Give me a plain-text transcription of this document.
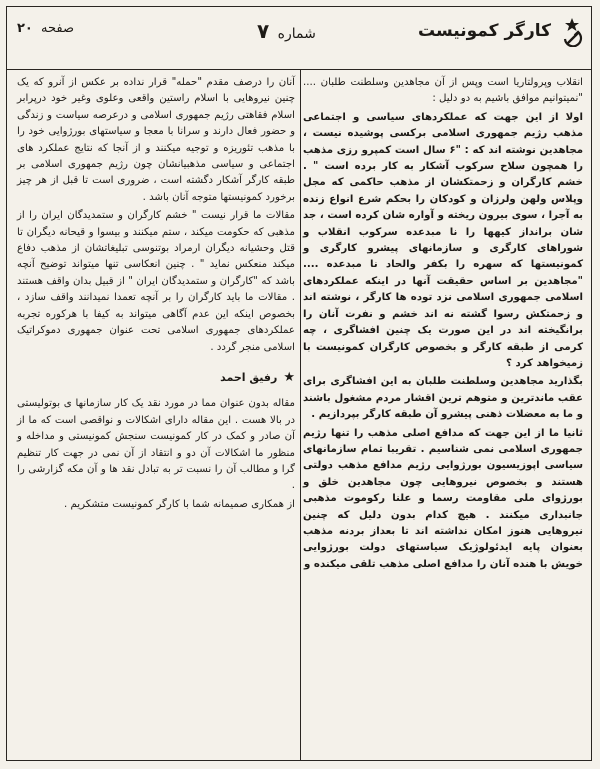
کارگر کمونیست
شماره ۷
صفحه ۲۰

انقلاب وپرولتاریا است وپس از آن مجاهدین وسلطنت طلبان .... "نمیتوانیم موافق باشیم به دو دلیل :

اولا از این جهت که عملکردهای سیاسی و اجتماعی مذهب رژیم جمهوری اسلامی برکسی پوشیده نیست ، مجاهدین نوشته اند که : "۶ سال است کمپرو رزی مذهب را همچون سلاح سرکوب آشکار به کار برده است " . خشم کارگران و زحمتکشان از مذهب حاکمی که مجل وپلاس ولهن ولرزان و کودکان را بحکم شرع انواع زنده به آجرا ، سوی بیرون ریخته و آواره شان کرده است ، جد شان برانداز کیهها را نا مبدعده سرکوب انقلاب و شوراهای کارگری و سازمانهای پیشرو کارگری و کمونیستها که سهره را بکفر والحاد نا مبدعده .... "مجاهدین بر اساس حقیقت آنها در اینکه عملکردهای اسلامی جمهوری اسلامی نزد توده ها کارگر ، نوشته اند و زحمتکش رسوا گشته نه اند خشم و نفرت آنان را برانگیخته اند در این صورت یک چنین افشاگری ، چه کرمی از طبقه کارگر و بخصوص کارگران کمونیست با زمیخواهد کرد ؟

بگذارید مجاهدین وسلطنت طلبان به این افشاگری برای عقب ماندترین و متوهم ترین اقشار مردم مشغول باشند و ما به معضلات ذهنی پیشرو آن طبقه کارگر بپردازیم .

ثانیا ما از این جهت که مدافع اصلی مذهب را تنها رژیم جمهوری اسلامی نمی شناسیم . تقریبا تمام سازمانهای سیاسی اپوزیسیون بورژوایی رژیم مدافع مذهب دولتی هستند و بخصوص نیروهایی چون مجاهدین خلق و بورژوای ملی مقاومت رسما و علنا رکوموت مذهبی جانبداری میکنند . هیچ کدام بدون دلیل که چنین نیروهایی هنوز امکان نداشته اند تا بعداز بردنه مذهب بعنوان پایه ایدئولوژیک سیاستهای دولت بورژوایی خویش با هنده آنان را مدافع اصلی مذهب تلقی میکنده و

آنان را درصف مقدم "حمله" قرار نداده بر عکس از آنرو که یک چنین نیروهایی با اسلام راستین واقعی وعلوی وغیر خود درپرابر اسلام فقاهتی رژیم جمهوری اسلامی و درعرصه سیاست و زندگی و حضور فعال دارند و سرانا با معجا و سیاستهای بورژوایی خود را با مذهب تئوریزه و توجیه میکنند و از آنجا که نتایج عملکرد های اجتماعی و سیاسی مذهبیانشان چون رژیم جمهوری اسلامی بر طبقه کارگر آشکار دگشته است ، ضروری است تا قبل از هر چیز برخورد کمونیستها متوجه آنان باشد .

مقالات ما قرار نیست " خشم کارگران و ستمدیدگان ایران را از مذهبی که حکومت میکند ، ستم میکنند و بیسوا و قیحانه دیگران تا قتل وحشیانه دیگران ارمراد بوتنوسی تبلیغاتشان از مذهب دفاع میکند منعکس نماید " . چنین انعکاسی تنها میتواند توضیح آنچه باشد که "کارگران و ستمدیدگان ایران " از قبیل بدان واقف هستند . مقالات ما باید کارگران را بر آنچه تعمدا نمیدانند واقف سازد ، بخصوص اینکه این عدم آگاهی میتواند به کیفا با هرکوره تجربه عملکردهای جمهوری اسلامی تحت عنوان جمهوری دموکراتیک اسلامی منجر گردد .

★
رفیق احمد

مقاله بدون عنوان مما در مورد نقد یک کار سازمانها ی بوتولیستی در بالا هست . این مقاله دارای اشکالات و نواقصی است که ما از آن صادر و کمک در کار کمونیست سنجش کمونیستی و مداخله و منظور ما اشکالات آن دو و انتقاد از آن نمی در جهت کار تنظیم گرا و مطالب آن را نسبت تر به تبادل نقد ها و آن مکه گزارشی را .

از همکاری صمیمانه شما با کارگر کمونیست متشکریم .
